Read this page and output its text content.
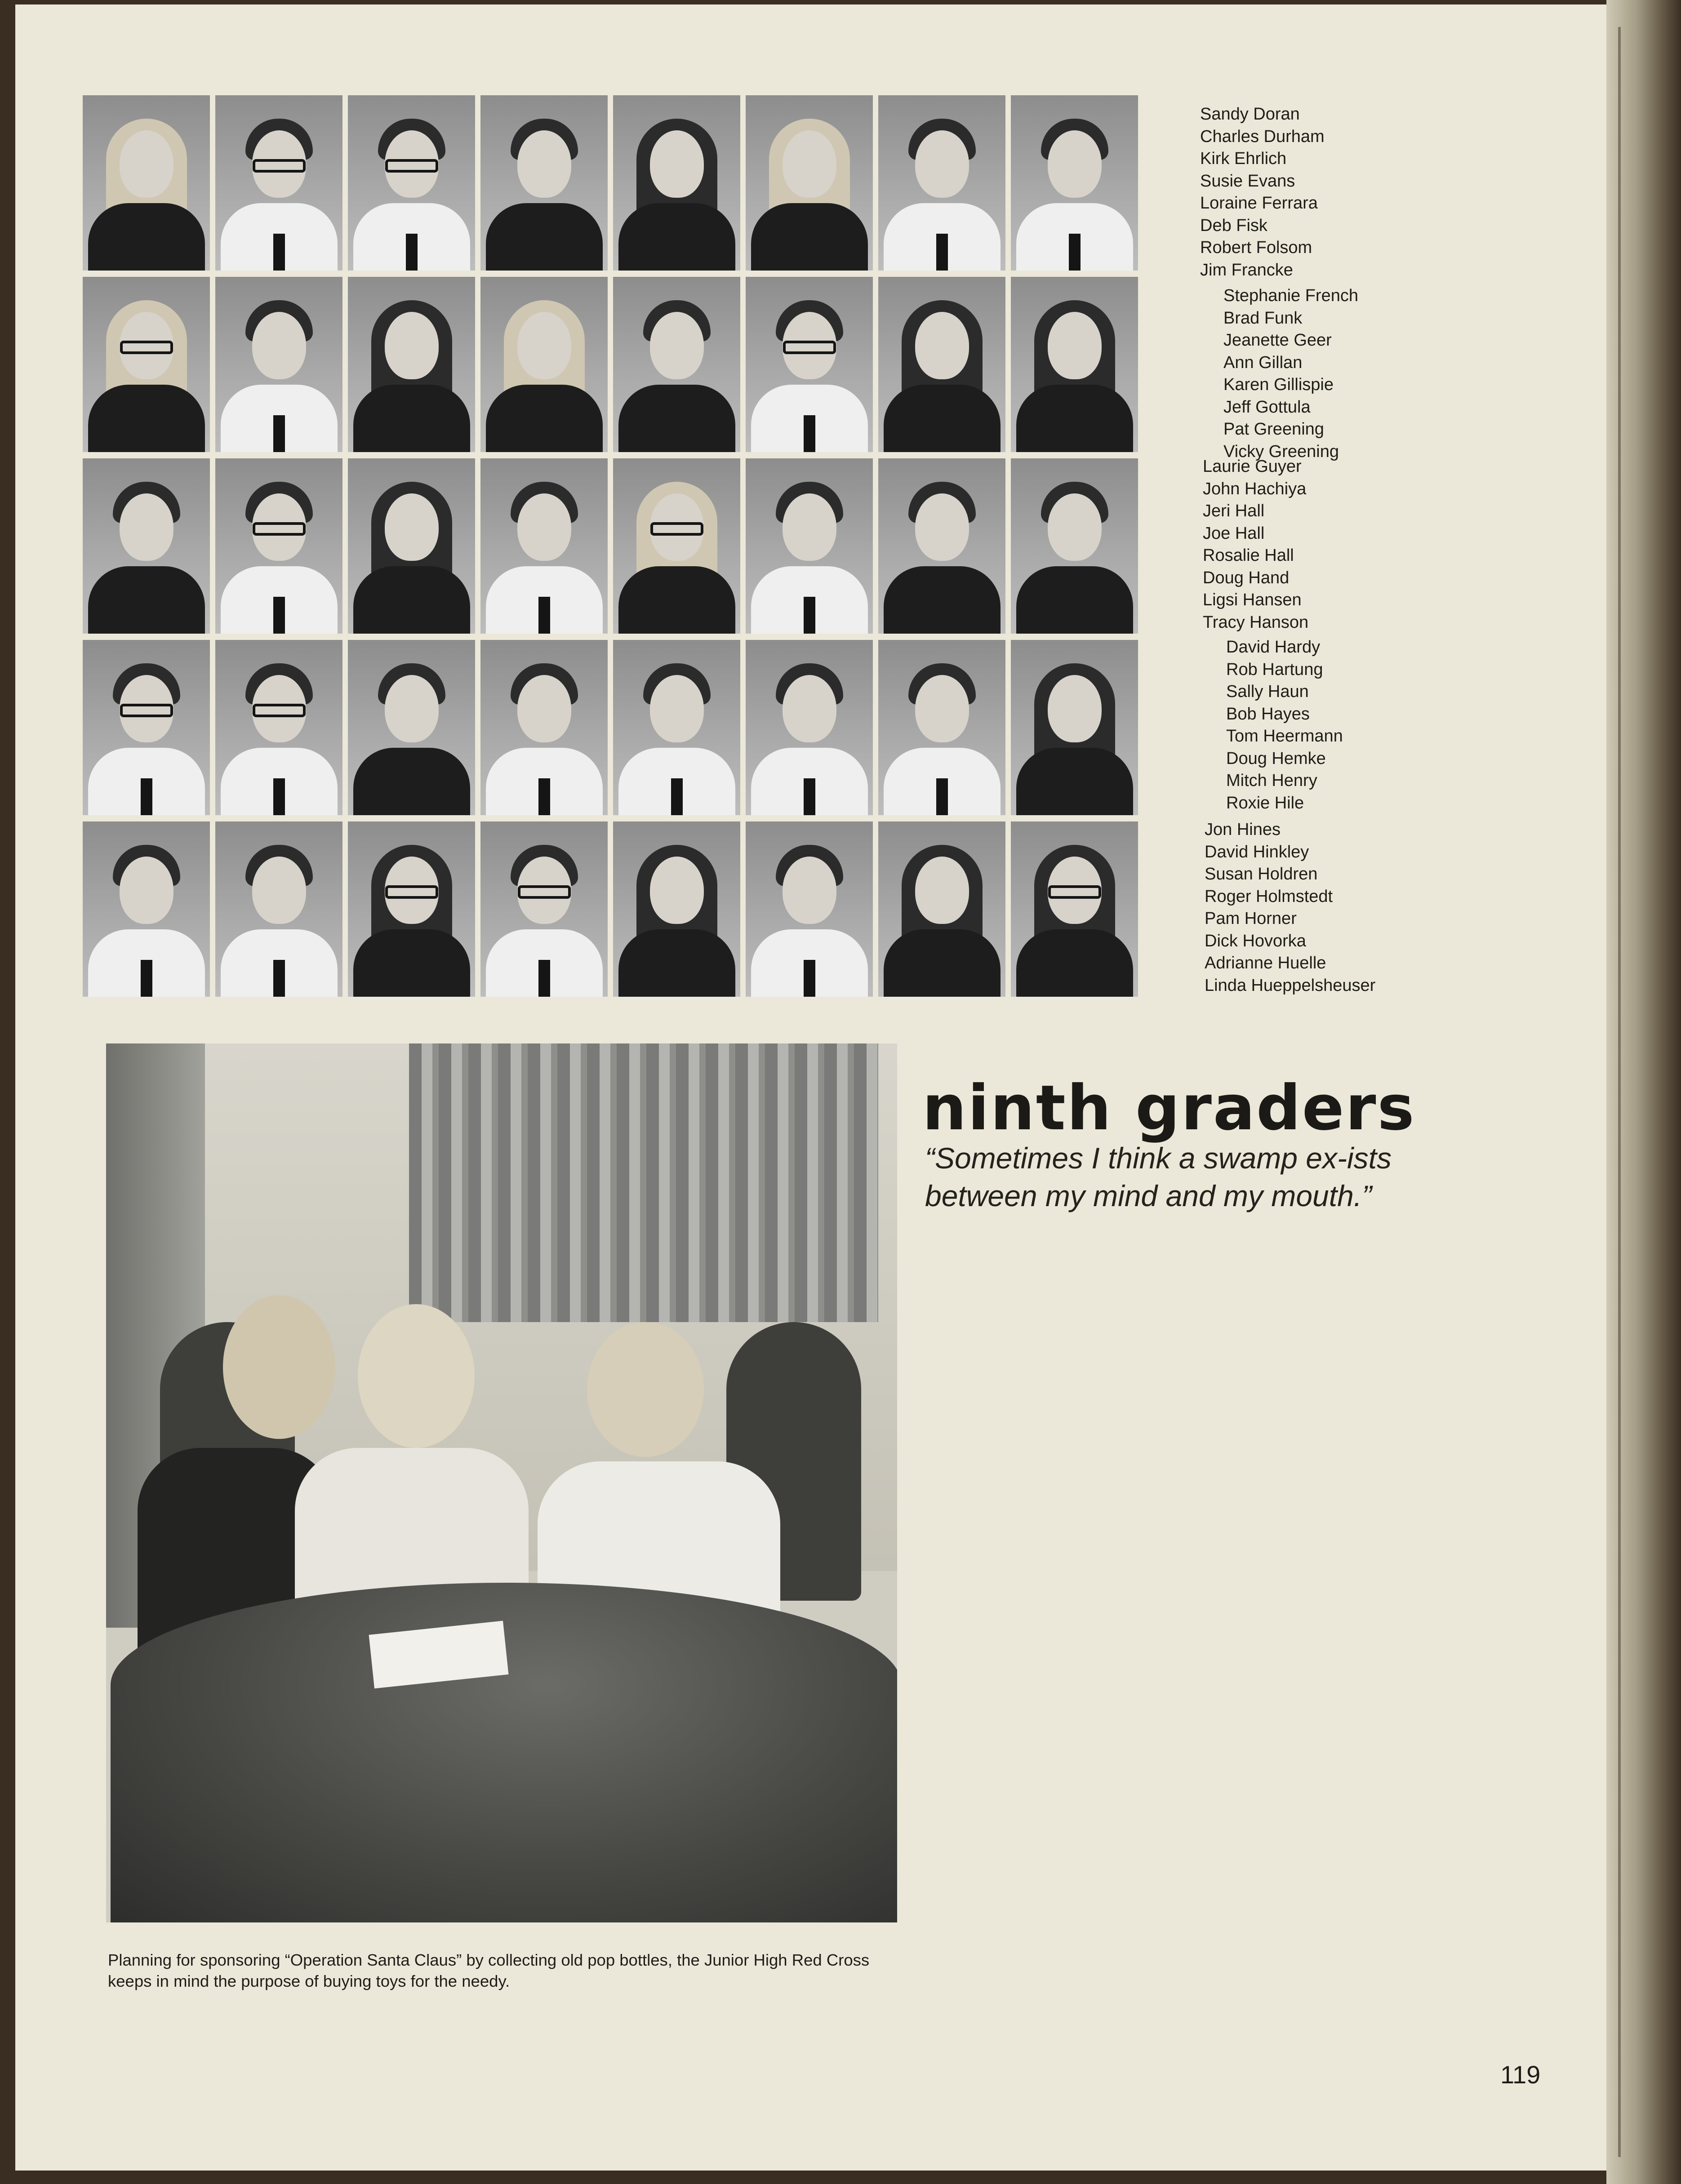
Sandy Doran
Charles Durham
Kirk Ehrlich
Susie Evans
Loraine Ferrara
Deb Fisk
Robert Folsom
Jim Francke
Stephanie French
Brad Funk
Jeanette Geer
Ann Gillan
Karen Gillispie
Jeff Gottula
Pat Greening
Vicky Greening
Laurie Guyer
John Hachiya
Jeri Hall
Joe Hall
Rosalie Hall
Doug Hand
Ligsi Hansen
Tracy Hanson
David Hardy
Rob Hartung
Sally Haun
Bob Hayes
Tom Heermann
Doug Hemke
Mitch Henry
Roxie Hile
Jon Hines
David Hinkley
Susan Holdren
Roger Holmstedt
Pam Horner
Dick Hovorka
Adrianne Huelle
Linda Hueppelsheuser
ninth graders
“Sometimes I think a swamp ex-ists between my mind and my mouth.”
Planning for sponsoring “Operation Santa Claus” by collecting old pop bottles, the Junior High Red Cross keeps in mind the purpose of buying toys for the needy.
119
